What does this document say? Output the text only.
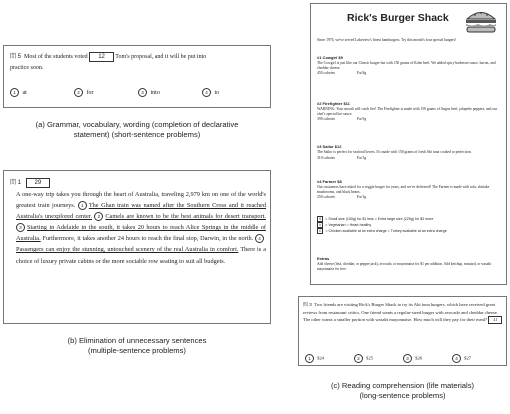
問 5 Most of the students voted 12 Tom's proposal, and it will be put into
practice soon.
1 at	2 for	3 into	4 to
(a) Grammar, vocabulary, wording (completion of declarative
statement) (short-sentence problems)
問 1 29
A one-way trip takes you through the heart of Australia, traveling 2,979 km on one of the world's greatest train journeys. 1 The Ghan train was named after the Southern Cross and it reached Australia's unexplored center. 2 Camels are known to be the best animals for desert transport. 3 Starting in Adelaide in the south, it takes 20 hours to reach Alice Springs in the middle of Australia. Furthermore, it takes another 24 hours to reach the final stop, Darwin, in the north. 4Passengers can enjoy the stunning, untouched scenery of the real Australia in comfort. There is a choice of luxury private cabins or the more sociable row seating to suit all budgets.
(b) Elimination of unnecessary sentences
(multiple-sentence problems)
Rick's Burger Shack
Since 1976, we've served Lakeview's finest hamburgers. Try this month's four special burgers!
#1 Cowgirl $9
The Cowgirl is just like our Classic burger but with 150 grams of Kobe beef. We added spicy barbecue sauce, bacon, and cheddar cheese.
450 calories	Fat 8g
#2 Firefighter $11
WARNING: Your mouth will catch fire! The Firefighter is made with 150 grams of Angus beef, jalapeño peppers, and our chef's special hot sauce.
390 calories	Fat 9g
#3 Sailor $12
The Sailor is perfect for seafood lovers. It's made with 150 grams of fresh Ahi tuna cooked to perfection.
310 calories	Fat 5g
#4 Farmer $8
Our customers have asked for a veggie burger for years, and we've delivered! The Farmer is made with tofu, shiitake mushrooms, and black beans.
250 calories	Fat 3g
S = Small size (100g) for $1 less = Extra large size (225g) for $3 more
V = Vegetarian = Heart-healthy
C = Chicken available at an extra charge = Turkey available at an extra charge
Extras
Add cheese (feta, cheddar, or pepper jack), avocado, or mayonnaise for $1 per addition. Add ketchup, mustard, or wasabi mayonnaise for free.
問 3 Two friends are visiting Rick's Burger Shack to try its Ahi tuna burgers, which have received great reviews from restaurant critics. One friend wants a regular-sized burger with avocado and cheddar cheese. The other wants a smaller portion with wasabi mayonnaise. How much will they pay for their meal? 41
1 $24	2 $25	3 $26	4 $27
(c) Reading comprehension (life materials)
(long-sentence problems)
